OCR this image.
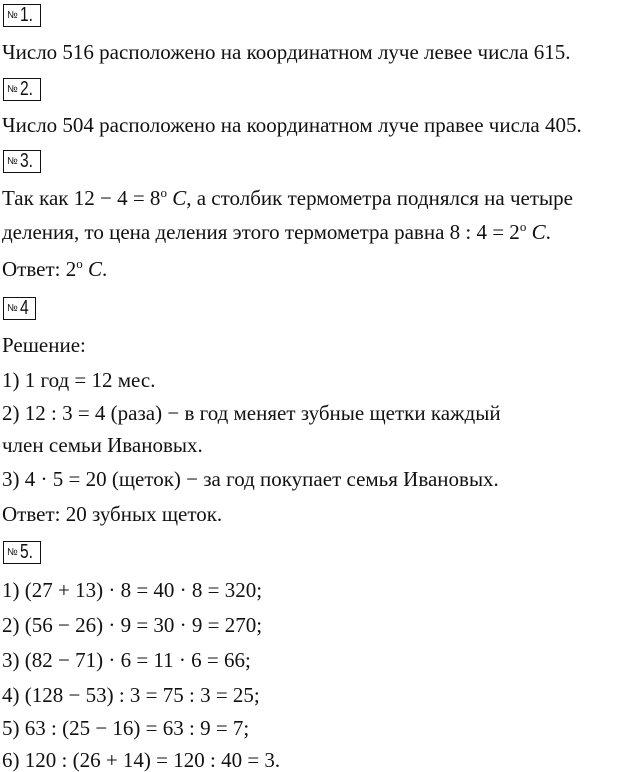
№ 1.
Число 516 расположено на координатном луче левее числа 615.
№ 2.
Число 504 расположено на координатном луче правее числа 405.
№ 3.
Так как $12 - 4 = 8^о$ C, а столбик термометра поднялся на четыре
деления, то цена деления этого термометра равна 8 : $4 = 2^о$ C.
Ответ: $2^о$ C.
№ 4
Решение:
1) 1 год = 12 мес.
2) 12 : 3 = 4 (раза) − в год меняет зубные щетки каждый
член семьи Ивановых.
3) 4 · 5 = 20 (щеток) − за год покупает семья Ивановых.
Ответ: 20 зубных щеток.
№ 5.
1) (27 + 13) · 8 = 40 · 8 = 320;
2) (56 − 26) · 9 = 30 · 9 = 270;
3) (82 − 71) · 6 = 11 · 6 = 66;
4) (128 − 53) : 3 = 75 : 3 = 25;
5) 63 : (25 − 16) = 63 : 9 = 7;
6) 120 : (26 + 14) = 120 : 40 = 3.
